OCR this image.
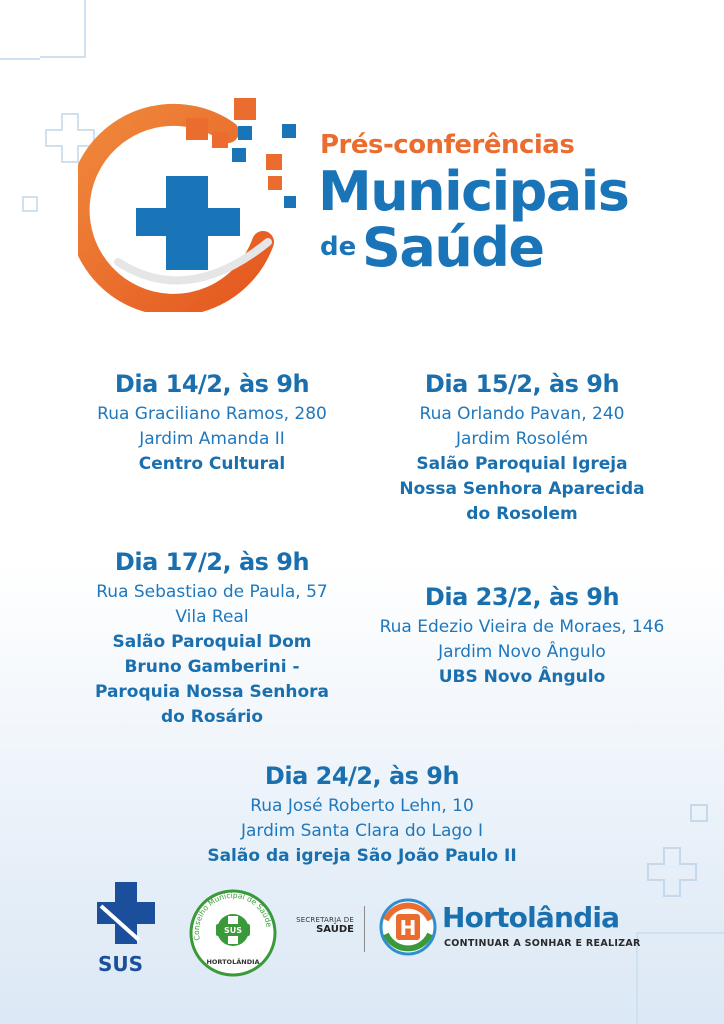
Prés-conferências
Municipais
de Saúde
Dia 14/2, às 9h
Rua Graciliano Ramos, 280
Jardim Amanda II
Centro Cultural
Dia 15/2, às 9h
Rua Orlando Pavan, 240
Jardim Rosolém
Salão Paroquial Igreja
Nossa Senhora Aparecida
do Rosolem
Dia 17/2, às 9h
Rua Sebastiao de Paula, 57
Vila Real
Salão Paroquial Dom
Bruno Gamberini -
Paroquia Nossa Senhora
do Rosário
Dia 23/2, às 9h
Rua Edezio Vieira de Moraes, 146
Jardim Novo Ângulo
UBS Novo Ângulo
Dia 24/2, às 9h
Rua José Roberto Lehn, 10
Jardim Santa Clara do Lago I
Salão da igreja São João Paulo II
SUS
Conselho Municipal de Saúde
SUS
HORTOLÂNDIA
SECRETARIA DE
SAÚDE H Hortolândia
CONTINUAR A SONHAR E REALIZAR
